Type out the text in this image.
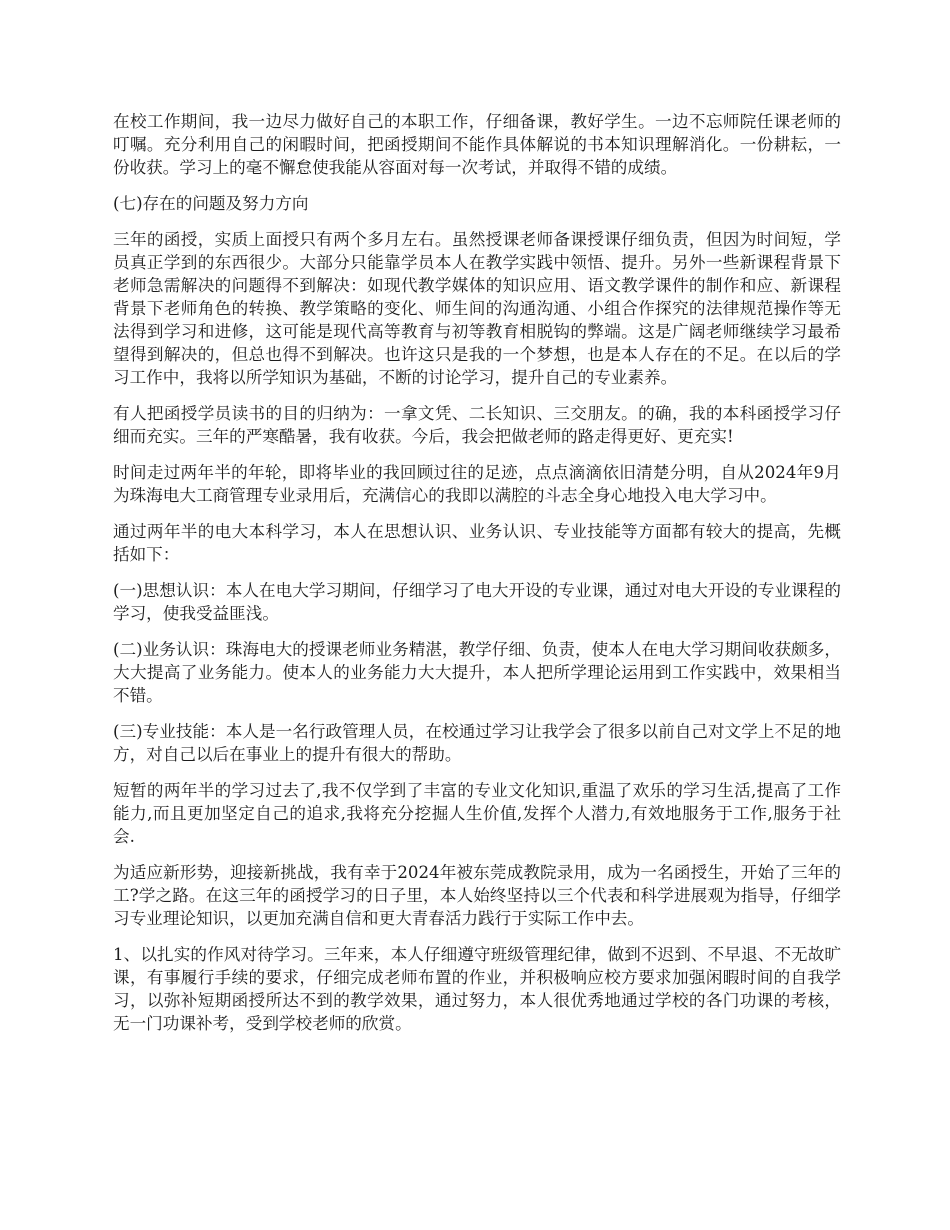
在校工作期间，我一边尽力做好自己的本职工作，仔细备课，教好学生。一边不忘师院任课老师的叮嘱。充分利用自己的闲暇时间，把函授期间不能作具体解说的书本知识理解消化。一份耕耘，一份收获。学习上的毫不懈怠使我能从容面对每一次考试，并取得不错的成绩。

(七)存在的问题及努力方向

三年的函授，实质上面授只有两个多月左右。虽然授课老师备课授课仔细负责，但因为时间短，学员真正学到的东西很少。大部分只能靠学员本人在教学实践中领悟、提升。另外一些新课程背景下老师急需解决的问题得不到解决：如现代教学媒体的知识应用、语文教学课件的制作和应、新课程背景下老师角色的转换、教学策略的变化、师生间的沟通沟通、小组合作探究的法律规范操作等无法得到学习和进修，这可能是现代高等教育与初等教育相脱钩的弊端。这是广阔老师继续学习最希望得到解决的，但总也得不到解决。也许这只是我的一个梦想，也是本人存在的不足。在以后的学习工作中，我将以所学知识为基础，不断的讨论学习，提升自己的专业素养。

有人把函授学员读书的目的归纳为：一拿文凭、二长知识、三交朋友。的确，我的本科函授学习仔细而充实。三年的严寒酷暑，我有收获。今后，我会把做老师的路走得更好、更充实!

时间走过两年半的年轮，即将毕业的我回顾过往的足迹，点点滴滴依旧清楚分明，自从2024年9月为珠海电大工商管理专业录用后，充满信心的我即以满腔的斗志全身心地投入电大学习中。

通过两年半的电大本科学习，本人在思想认识、业务认识、专业技能等方面都有较大的提高，先概括如下：

(一)思想认识：本人在电大学习期间，仔细学习了电大开设的专业课，通过对电大开设的专业课程的学习，使我受益匪浅。

(二)业务认识：珠海电大的授课老师业务精湛，教学仔细、负责，使本人在电大学习期间收获颇多，大大提高了业务能力。使本人的业务能力大大提升，本人把所学理论运用到工作实践中，效果相当不错。

(三)专业技能：本人是一名行政管理人员，在校通过学习让我学会了很多以前自己对文学上不足的地方，对自己以后在事业上的提升有很大的帮助。

短暂的两年半的学习过去了,我不仅学到了丰富的专业文化知识,重温了欢乐的学习生活,提高了工作能力,而且更加坚定自己的追求,我将充分挖掘人生价值,发挥个人潜力,有效地服务于工作,服务于社会.

为适应新形势，迎接新挑战，我有幸于2024年被东莞成教院录用，成为一名函授生，开始了三年的工?学之路。在这三年的函授学习的日子里，本人始终坚持以三个代表和科学进展观为指导，仔细学习专业理论知识，以更加充满自信和更大青春活力践行于实际工作中去。

1、以扎实的作风对待学习。三年来，本人仔细遵守班级管理纪律，做到不迟到、不早退、不无故旷课，有事履行手续的要求，仔细完成老师布置的作业，并积极响应校方要求加强闲暇时间的自我学习，以弥补短期函授所达不到的教学效果，通过努力，本人很优秀地通过学校的各门功课的考核，无一门功课补考，受到学校老师的欣赏。
